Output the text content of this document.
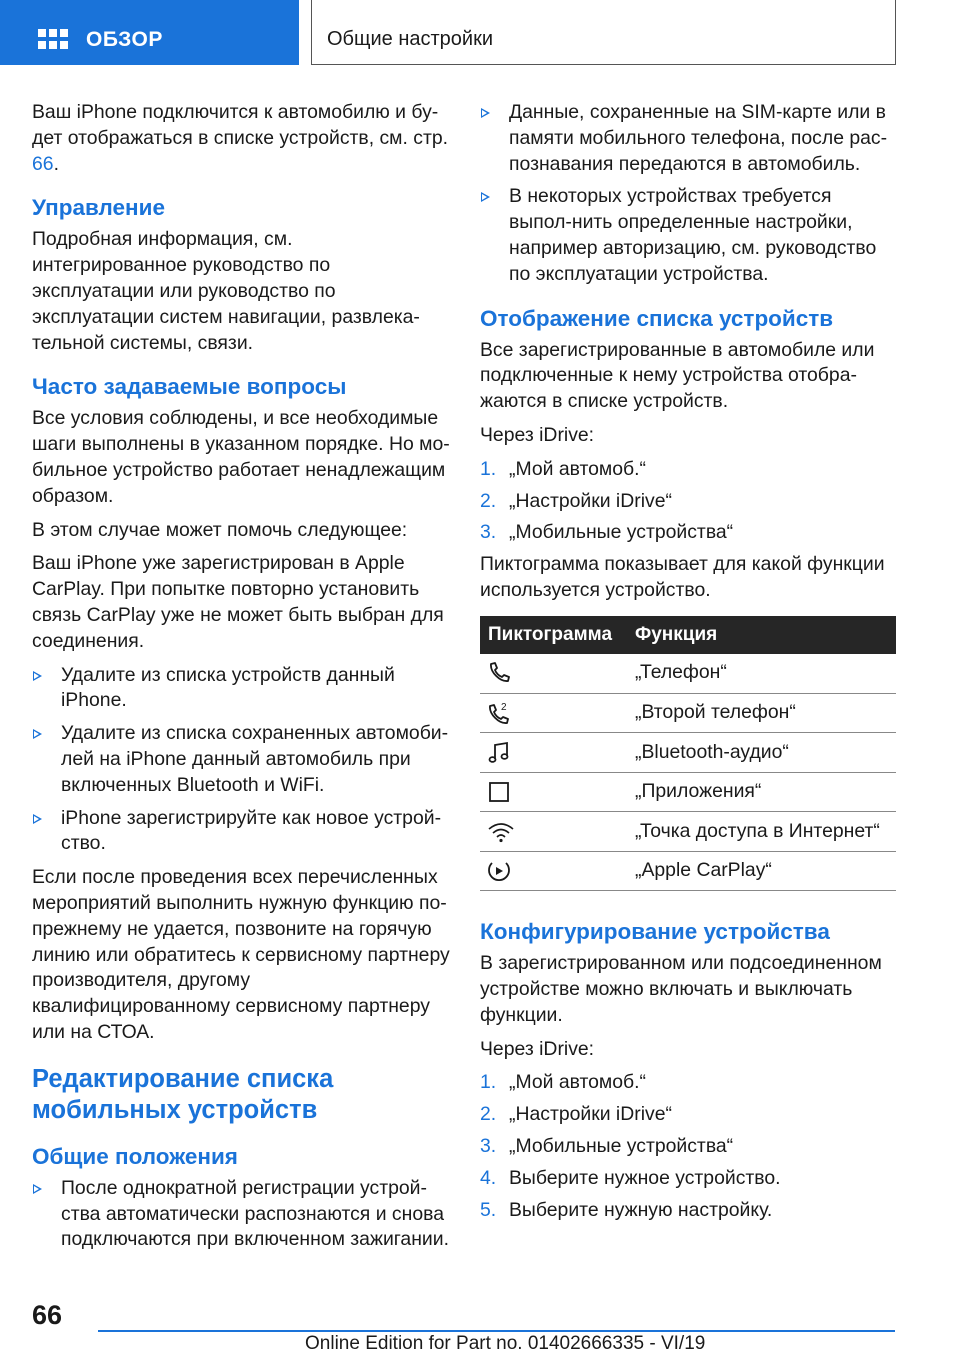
ОБЗОР	Общие настройки

Ваш iPhone подключится к автомобилю и бу-дет отображаться в списке устройств, см. стр. 66.

Управление

Подробная информация, см. интегрированное руководство по эксплуатации или руководство по эксплуатации систем навигации, развлека-тельной системы, связи.

Часто задаваемые вопросы

Все условия соблюдены, и все необходимые шаги выполнены в указанном порядке. Но мо-бильное устройство работает ненадлежащим образом.

В этом случае может помочь следующее:

Ваш iPhone уже зарегистрирован в Apple CarPlay. При попытке повторно установить связь CarPlay уже не может быть выбран для соединения.

Удалите из списка устройств данный iPhone.
Удалите из списка сохраненных автомоби-лей на iPhone данный автомобиль при включенных Bluetooth и WiFi.
iPhone зарегистрируйте как новое устрой-ство.

Если после проведения всех перечисленных мероприятий выполнить нужную функцию по-прежнему не удается, позвоните на горячую линию или обратитесь к сервисному партнеру производителя, другому квалифицированному сервисному партнеру или на СТОА.

Редактирование списка мобильных устройств
Общие положения
После однократной регистрации устрой-ства автоматически распознаются и снова подключаются при включенном зажигании.
Данные, сохраненные на SIM-карте или в памяти мобильного телефона, после рас-познавания передаются в автомобиль.
В некоторых устройствах требуется выпол-нить определенные настройки, например авторизацию, см. руководство по эксплуатации устройства.
Отображение списка устройств

Все зарегистрированные в автомобиле или подключенные к нему устройства отобра-жаются в списке устройств.

Через iDrive:

1. „Мой автомоб.“
2. „Настройки iDrive“
3. „Мобильные устройства“

Пиктограмма показывает для какой функции используется устройство.

Пиктограмма	Функция

	„Телефон“

2	„Второй телефон“

	„Bluetooth-аудио“

	„Приложения“

	„Точка доступа в Интернет“

	„Apple CarPlay“
Конфигурирование устройства

В зарегистрированном или подсоединенном устройстве можно включать и выключать функции.

Через iDrive:

1. „Мой автомоб.“
2. „Настройки iDrive“
3. „Мобильные устройства“
4. Выберите нужное устройство.
5. Выберите нужную настройку.
66
Online Edition for Part no. 01402666335 - VI/19
